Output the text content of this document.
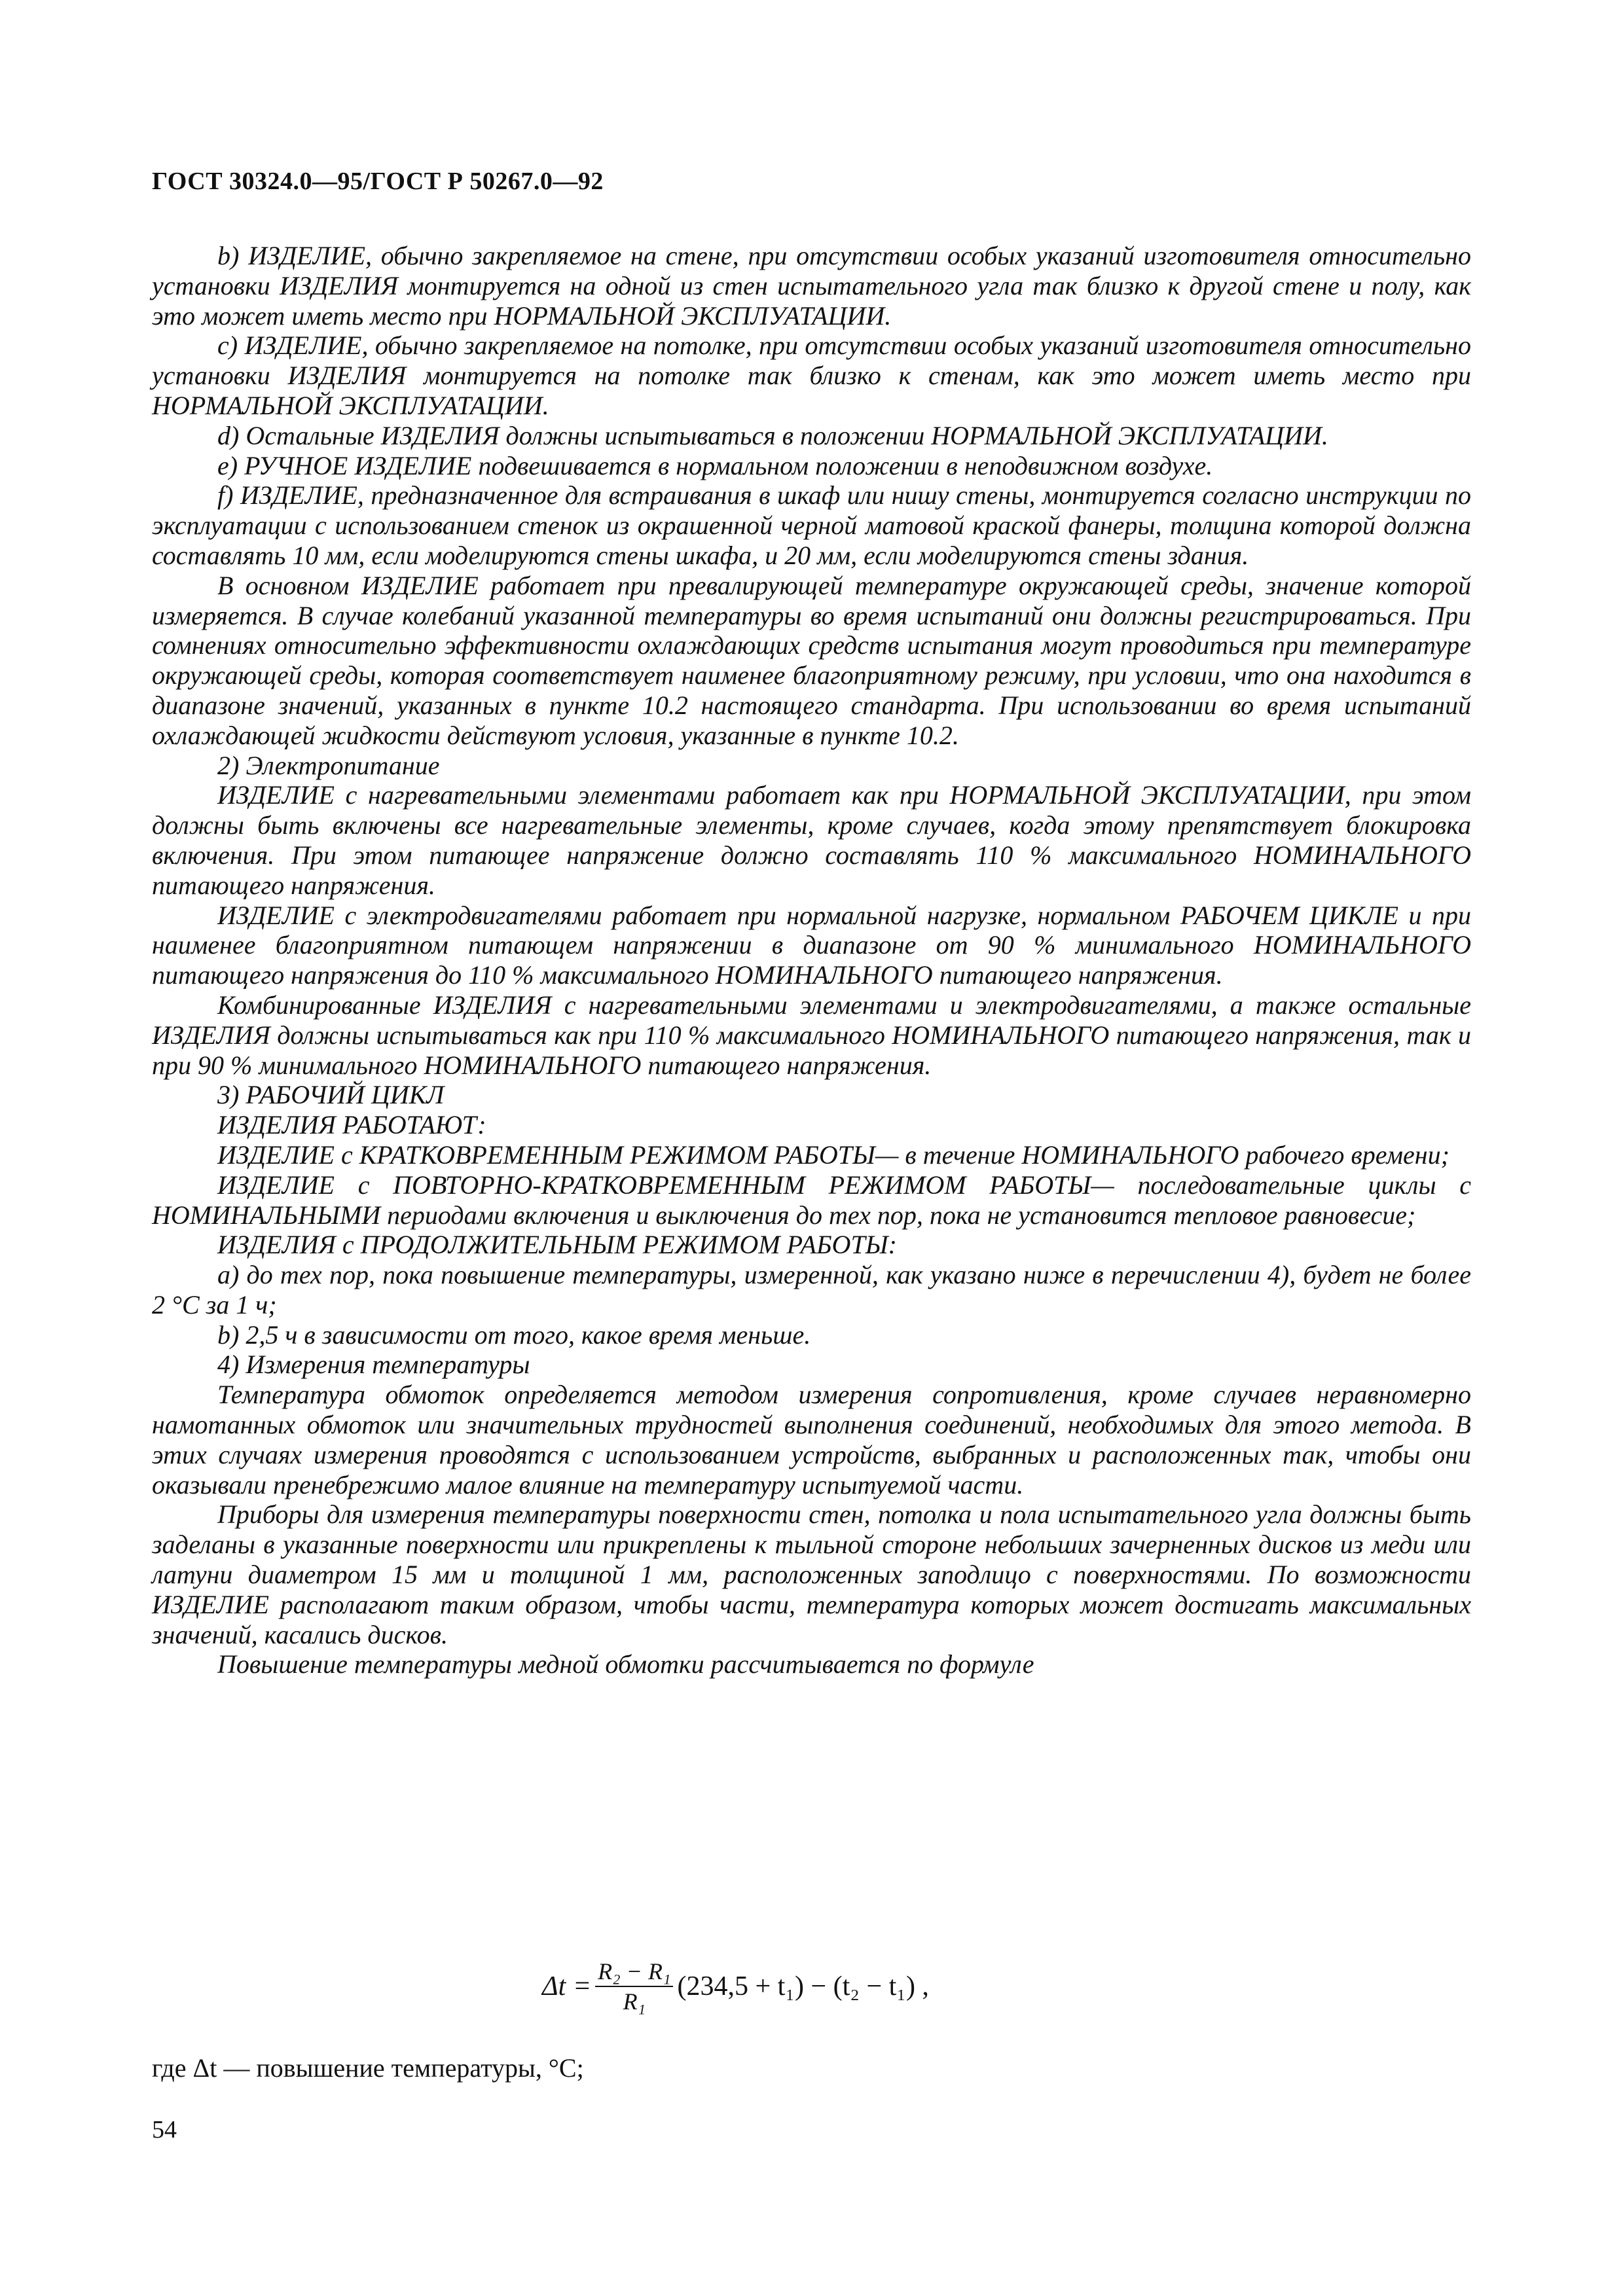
ГОСТ 30324.0—95/ГОСТ Р 50267.0—92

b) ИЗДЕЛИЕ, обычно закрепляемое на стене, при отсутствии особых указаний изготовителя относительно установки ИЗДЕЛИЯ монтируется на одной из стен испытательного угла так близко к другой стене и полу, как это может иметь место при НОРМАЛЬНОЙ ЭКСПЛУАТАЦИИ.

c) ИЗДЕЛИЕ, обычно закрепляемое на потолке, при отсутствии особых указаний изготовителя относительно установки ИЗДЕЛИЯ монтируется на потолке так близко к стенам, как это может иметь место при НОРМАЛЬНОЙ ЭКСПЛУАТАЦИИ.

d) Остальные ИЗДЕЛИЯ должны испытываться в положении НОРМАЛЬНОЙ ЭКСПЛУАТАЦИИ.

e) РУЧНОЕ ИЗДЕЛИЕ подвешивается в нормальном положении в неподвижном воздухе.

f) ИЗДЕЛИЕ, предназначенное для встраивания в шкаф или нишу стены, монтируется согласно инструкции по эксплуатации с использованием стенок из окрашенной черной матовой краской фанеры, толщина которой должна составлять 10 мм, если моделируются стены шкафа, и 20 мм, если моделируются стены здания.

В основном ИЗДЕЛИЕ работает при превалирующей температуре окружающей среды, значение которой измеряется. В случае колебаний указанной температуры во время испытаний они должны регистрироваться. При сомнениях относительно эффективности охлаждающих средств испытания могут проводиться при температуре окружающей среды, которая соответствует наименее благоприятному режиму, при условии, что она находится в диапазоне значений, указанных в пункте 10.2 настоящего стандарта. При использовании во время испытаний охлаждающей жидкости действуют условия, указанные в пункте 10.2.

2) Электропитание

ИЗДЕЛИЕ с нагревательными элементами работает как при НОРМАЛЬНОЙ ЭКСПЛУАТАЦИИ, при этом должны быть включены все нагревательные элементы, кроме случаев, когда этому препятствует блокировка включения. При этом питающее напряжение должно составлять 110 % максимального НОМИНАЛЬНОГО питающего напряжения.

ИЗДЕЛИЕ с электродвигателями работает при нормальной нагрузке, нормальном РАБОЧЕМ ЦИКЛЕ и при наименее благоприятном питающем напряжении в диапазоне от 90 % минимального НОМИНАЛЬНОГО питающего напряжения до 110 % максимального НОМИНАЛЬНОГО питающего напряжения.

Комбинированные ИЗДЕЛИЯ с нагревательными элементами и электродвигателями, а также остальные ИЗДЕЛИЯ должны испытываться как при 110 % максимального НОМИНАЛЬНОГО питающего напряжения, так и при 90 % минимального НОМИНАЛЬНОГО питающего напряжения.

3) РАБОЧИЙ ЦИКЛ

ИЗДЕЛИЯ РАБОТАЮТ:

ИЗДЕЛИЕ с КРАТКОВРЕМЕННЫМ РЕЖИМОМ РАБОТЫ— в течение НОМИНАЛЬНОГО рабочего времени;

ИЗДЕЛИЕ с ПОВТОРНО-КРАТКОВРЕМЕННЫМ РЕЖИМОМ РАБОТЫ— последовательные циклы с НОМИНАЛЬНЫМИ периодами включения и выключения до тех пор, пока не установится тепловое равновесие;

ИЗДЕЛИЯ с ПРОДОЛЖИТЕЛЬНЫМ РЕЖИМОМ РАБОТЫ:

a) до тех пор, пока повышение температуры, измеренной, как указано ниже в перечислении 4), будет не более 2 °С за 1 ч;

b) 2,5 ч в зависимости от того, какое время меньше.

4) Измерения температуры

Температура обмоток определяется методом измерения сопротивления, кроме случаев неравномерно намотанных обмоток или значительных трудностей выполнения соединений, необходимых для этого метода. В этих случаях измерения проводятся с использованием устройств, выбранных и расположенных так, чтобы они оказывали пренебрежимо малое влияние на температуру испытуемой части.

Приборы для измерения температуры поверхности стен, потолка и пола испытательного угла должны быть заделаны в указанные поверхности или прикреплены к тыльной стороне небольших зачерненных дисков из меди или латуни диаметром 15 мм и толщиной 1 мм, расположенных заподлицо с поверхностями. По возможности ИЗДЕЛИЕ располагают таким образом, чтобы части, температура которых может достигать максимальных значений, касались дисков.

Повышение температуры медной обмотки рассчитывается по формуле

$\Delta t = \frac{\text{R₂ − R₁}}{\text{R₁}} (234,5 + t_1) - (t_2 - t_1)$ ,
где Δt — повышение температуры, °С;
54
